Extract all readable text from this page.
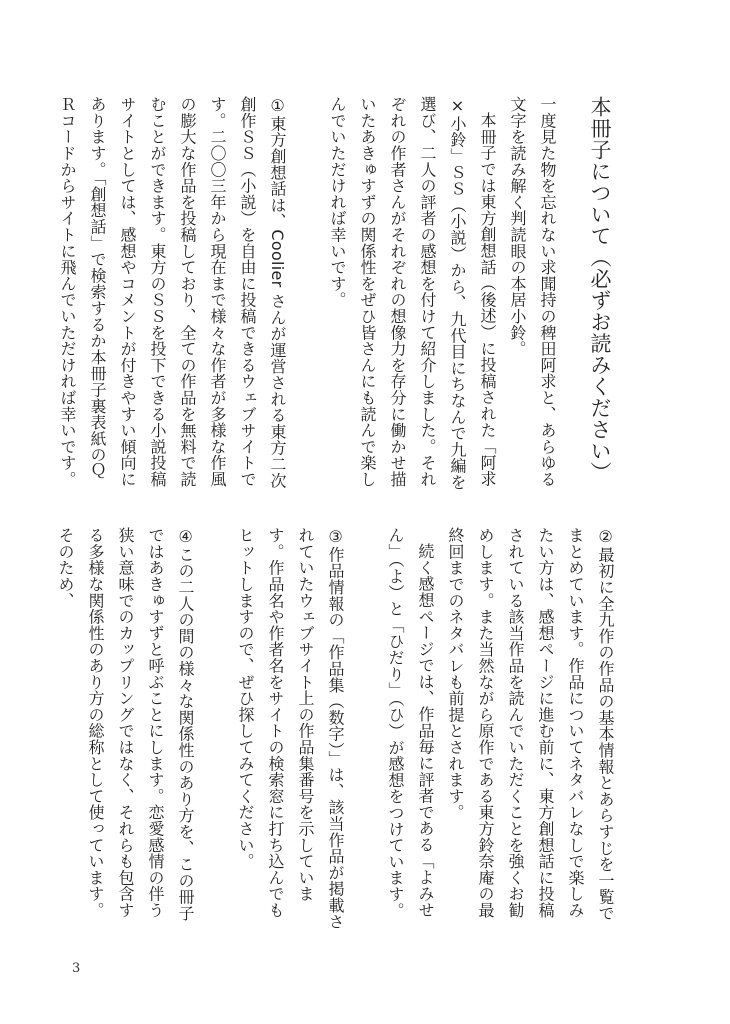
本冊子について（必ずお読みください）

一度見た物を忘れない求聞持の稗田阿求と、あらゆる文字を読み解く判読眼の本居小鈴。

本冊子では東方創想話（後述）に投稿された「阿求×小鈴」ＳＳ（小説）から、九代目にちなんで九編を選び、二人の評者の感想を付けて紹介しました。それぞれの作者さんがそれぞれの想像力を存分に働かせ描いたあきゅすずの関係性をぜひ皆さんにも読んで楽しんでいただければ幸いです。

①東方創想話は、Coolier さんが運営される東方二次創作ＳＳ（小説）を自由に投稿できるウェブサイトです。二〇〇三年から現在まで様々な作者が多様な作風の膨大な作品を投稿しており、全ての作品を無料で読むことができます。東方のＳＳを投下できる小説投稿サイトとしては、感想やコメントが付きやすい傾向にあります。「創想話」で検索するか本冊子裏表紙のＱＲコードからサイトに飛んでいただければ幸いです。

②最初に全九作の作品の基本情報とあらすじを一覧でまとめています。作品についてネタバレなしで楽しみたい方は、感想ページに進む前に、東方創想話に投稿されている該当作品を読んでいただくことを強くお勧めします。また当然ながら原作である東方鈴奈庵の最終回までのネタバレも前提とされます。

続く感想ページでは、作品毎に評者である「よみせん」（よ）と「ひだり」（ひ）が感想をつけています。

③作品情報の「作品集（数字）」は、該当作品が掲載されていたウェブサイト上の作品集番号を示しています。作品名や作者名をサイトの検索窓に打ち込んでもヒットしますので、ぜひ探してみてください。

④この二人の間の様々な関係性のあり方を、この冊子ではあきゅすずと呼ぶことにします。恋愛感情の伴う狭い意味でのカップリングではなく、それらも包含する多様な関係性のあり方の総称として使っています。そのため、

3
